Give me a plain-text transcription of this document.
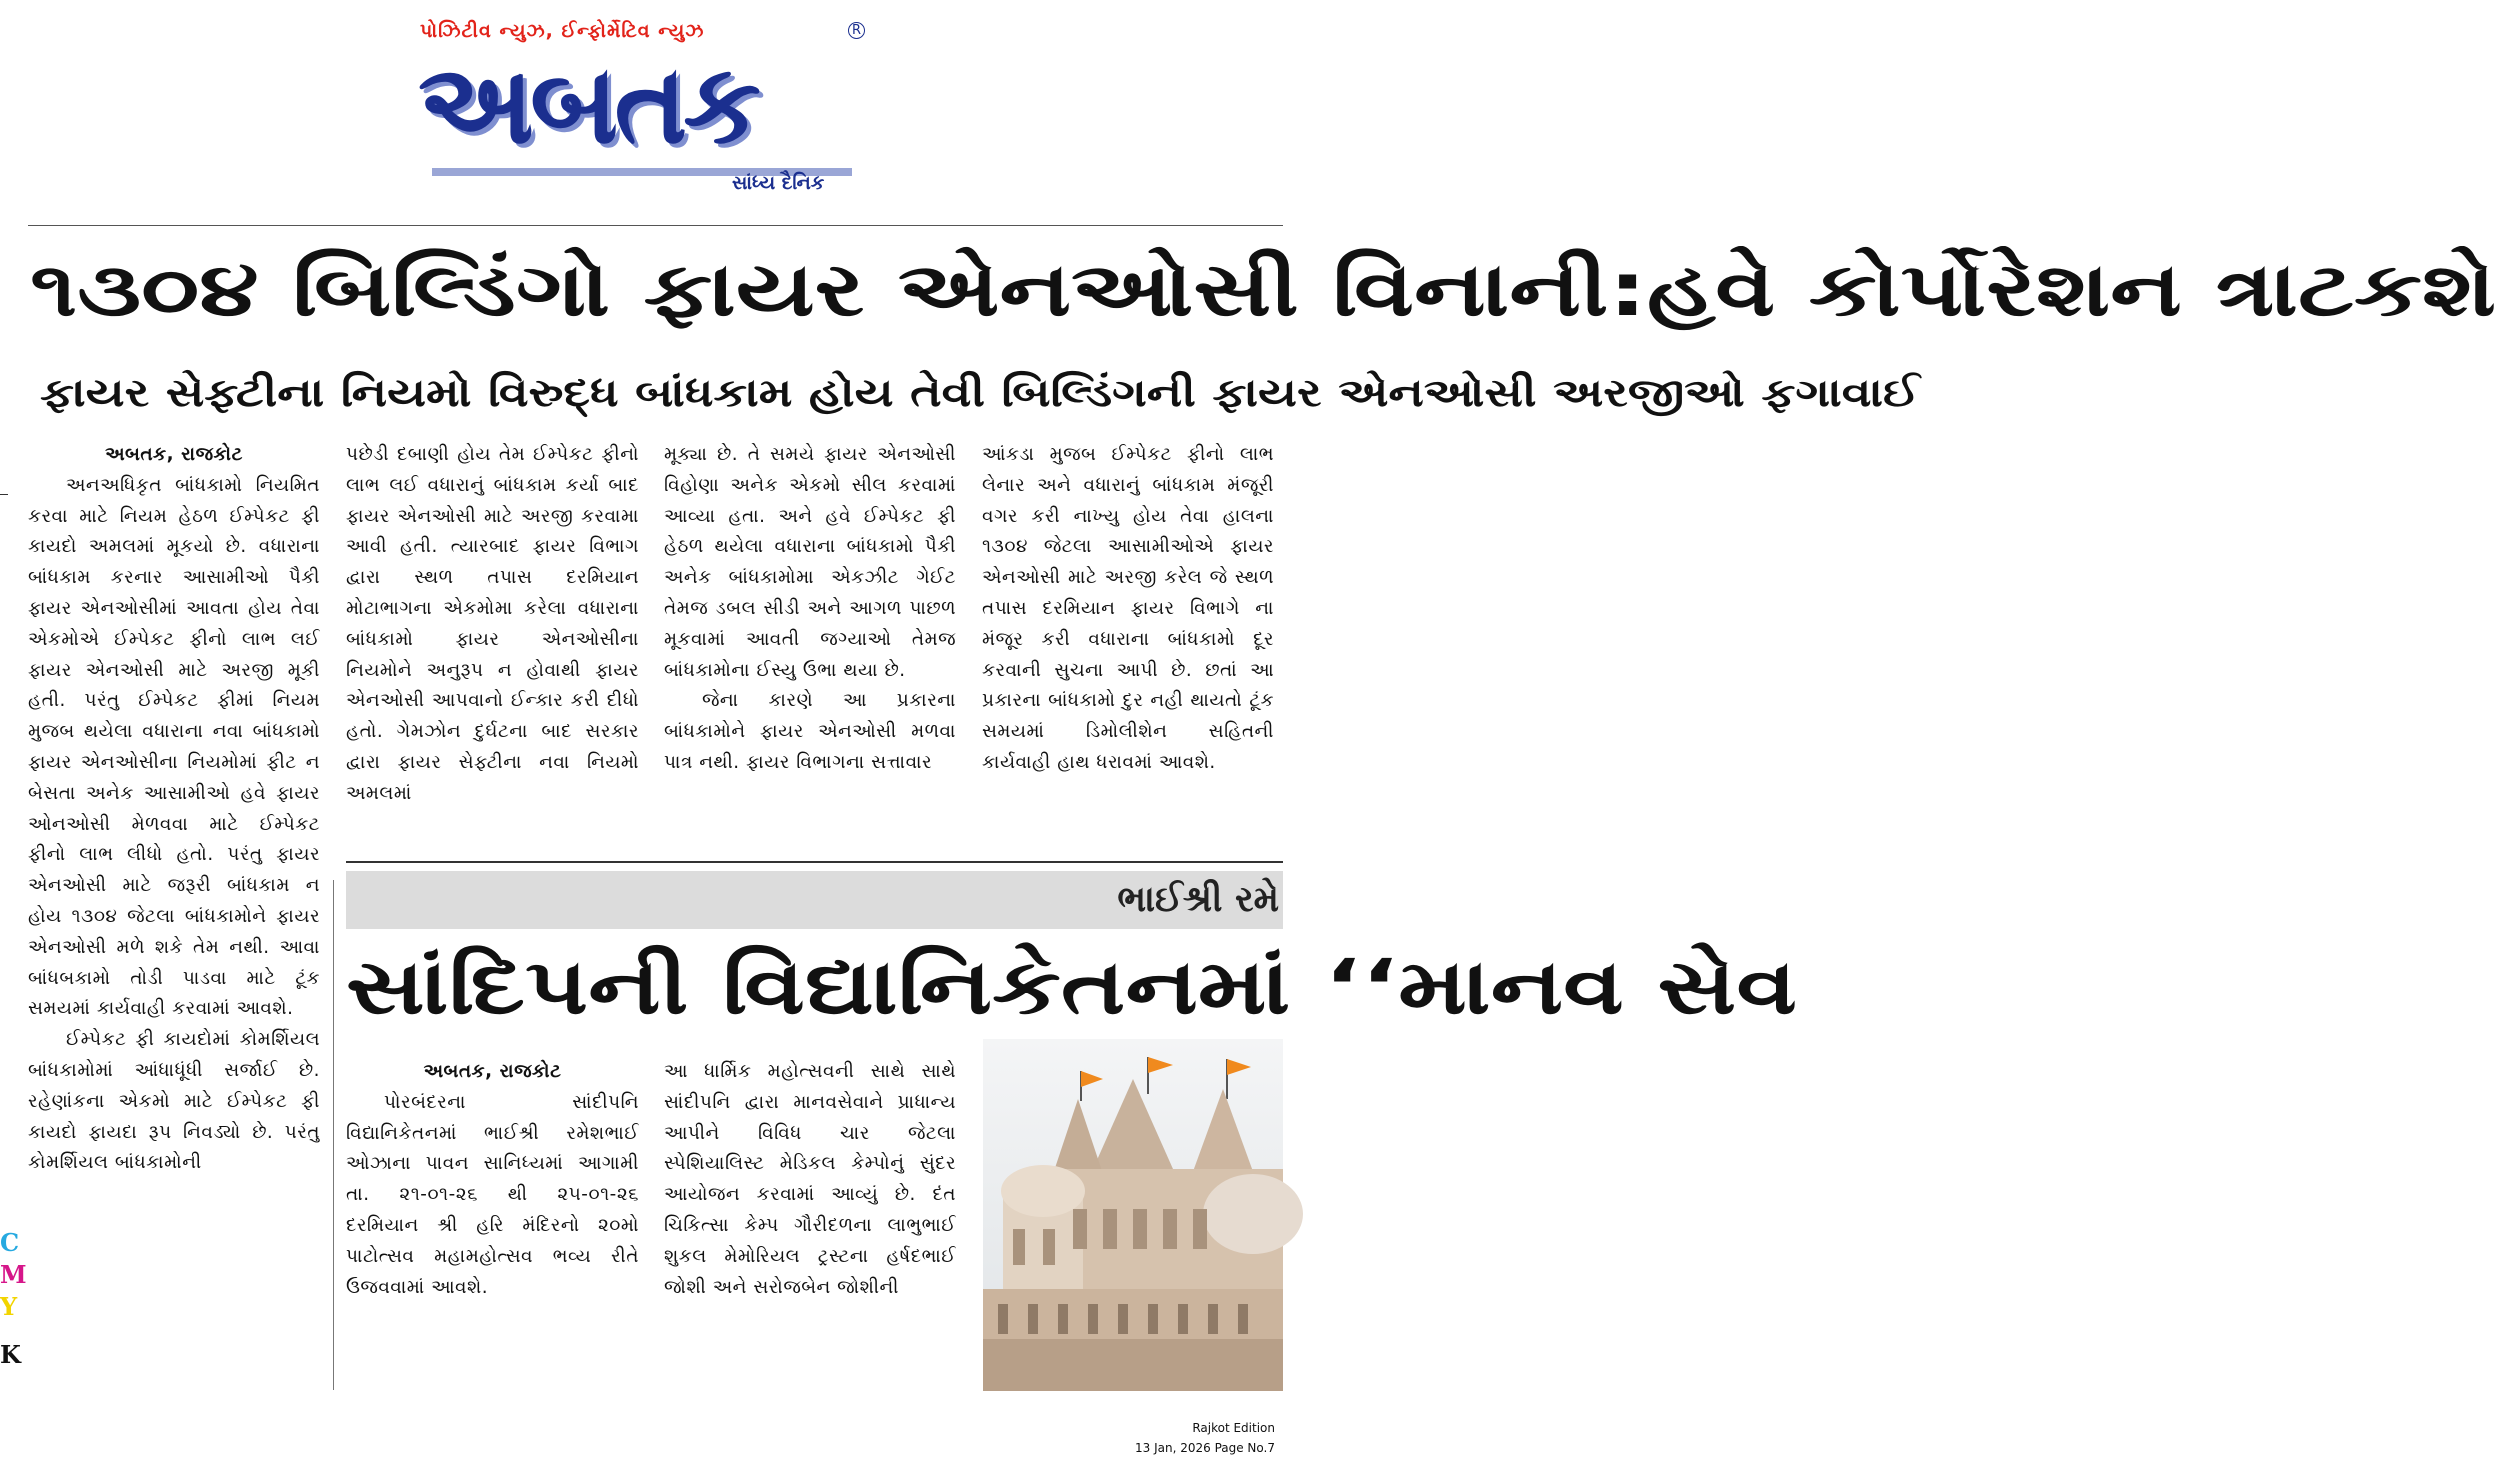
પોઝિટીવ ન્યુઝ, ઈન્ફોર્મેટિવ ન્યુઝ	R
અબતક
સાંધ્ય દૈનિક
૧૩૦૪ બિલ્ડિંગો ફાયર એનઓસી વિનાની:હવે કોર્પોરેશન ત્રાટકશે
ફાયર સેફ્ટીના નિયમો વિરુદ્ધ બાંધકામ હોય તેવી બિલ્ડિંગની ફાયર એનઓસી અરજીઓ ફગાવાઈ

અબતક, રાજકોટ

અનઅધિકૃત બાંધકામો નિયમિત કરવા માટે નિયમ હેઠળ ઈમ્પેકટ ફી કાયદો અમલમાં મૂકયો છે. વધારાના બાંધકામ કરનાર આસામીઓ પૈકી ફાયર એનઓસીમાં આવતા હોય તેવા એકમોએ ઈમ્પેકટ ફીનો લાભ લઈ ફાયર એનઓસી માટે અરજી મૂકી હતી. પરંતુ ઈમ્પેકટ ફીમાં નિયમ મુજબ થયેલા વધારાના નવા બાંધકામો ફાયર એનઓસીના નિયમોમાં ફીટ ન બેસતા અનેક આસામીઓ હવે ફાયર ઓનઓસી મેળવવા માટે ઈમ્પેકટ ફીનો લાભ લીધો હતો. પરંતુ ફાયર એનઓસી માટે જરૂરી બાંધકામ ન હોય ૧૩૦૪ જેટલા બાંધકામોને ફાયર એનઓસી મળે શકે તેમ નથી. આવા બાંધબકામો તોડી પાડવા માટે ટૂંક સમયમાં કાર્યવાહી કરવામાં આવશે.

ઈમ્પેકટ ફી કાયદોમાં કોમર્શિયલ બાંધકામોમાં આંધાધૂંધી સર્જાઈ છે. રહેણાંકના એકમો માટે ઈમ્પેકટ ફી કાયદો ફાયદા રૂપ નિવડ્યો છે. પરંતુ કોમર્શિયલ બાંધકામોની

પછેડી દબાણી હોય તેમ ઈમ્પેકટ ફીનો લાભ લઈ વધારાનું બાંધકામ કર્યા બાદ ફાયર એનઓસી માટે અરજી કરવામા આવી હતી. ત્યારબાદ ફાયર વિભાગ દ્વારા સ્થળ તપાસ દરમિયાન મોટાભાગના એકમોમા કરેલા વધારાના બાંધકામો ફાયર એનઓસીના નિયમોને અનુરૂપ ન હોવાથી ફાયર એનઓસી આપવાનો ઈન્કાર કરી દીધો હતો. ગેમઝોન દુર્ઘટના બાદ સરકાર દ્વારા ફાયર સેફ્ટીના નવા નિયમો અમલમાં

મૂક્યા છે. તે સમયે ફાયર એનઓસી વિહોણા અનેક એકમો સીલ કરવામાં આવ્યા હતા. અને હવે ઈમ્પેકટ ફી હેઠળ થયેલા વધારાના બાંધકામો પૈકી અનેક બાંધકામોમા એકઝીટ ગેઈટ તેમજ ડબલ સીડી અને આગળ પાછળ મૂકવામાં આવતી જગ્યાઓ તેમજ બાંધકામોના ઈસ્યુ ઉભા થયા છે.

જેના કારણે આ પ્રકારના બાંધકામોને ફાયર એનઓસી મળવા પાત્ર નથી. ફાયર વિભાગના સત્તાવાર

આંકડા મુજબ ઈમ્પેકટ ફીનો લાભ લેનાર અને વધારાનું બાંધકામ મંજૂરી વગર કરી નાખ્યુ હોય તેવા હાલના ૧૩૦૪ જેટલા આસામીઓએ ફાયર એનઓસી માટે અરજી કરેલ જે સ્થળ તપાસ દરમિયાન ફાયર વિભાગે ના મંજૂર કરી વધારાના બાંધકામો દૂર કરવાની સુચના આપી છે. છતાં આ પ્રકારના બાંધકામો દુર નહી થાયતો ટૂંક સમયમાં ડિમોલીશેન સહિતની કાર્યવાહી હાથ ધરાવમાં આવશે.

ભાઈશ્રી રમે
સાંદિપની વિદ્યાનિકેતનમાં ‘‘માનવ સેવ

અબતક, રાજકોટ

પોરબંદરના સાંદીપનિ વિદ્યાનિકેતનમાં ભાઈશ્રી રમેશભાઈ ઓઝાના પાવન સાનિધ્યમાં આગામી તા. ૨૧-૦૧-૨૬ થી ૨૫-૦૧-૨૬ દરમિયાન શ્રી હરિ મંદિરનો ૨૦મો પાટોત્સવ મહામહોત્સવ ભવ્ય રીતે ઉજવવામાં આવશે.

આ ધાર્મિક મહોત્સવની સાથે સાથે સાંદીપનિ દ્વારા માનવસેવાને પ્રાધાન્ય આપીને વિવિધ ચાર જેટલા સ્પેશિયાલિસ્ટ મેડિકલ કેમ્પોનું સુંદર આયોજન કરવામાં આવ્યું છે. દંત ચિકિત્સા કેમ્પ ગૌરીદળના લાભુભાઈ શુકલ મેમોરિયલ ટ્રસ્ટના હર્ષદભાઈ જોશી અને સરોજબેન જોશીની

C
M
Y
K
Rajkot Edition
13 Jan, 2026 Page No.7
